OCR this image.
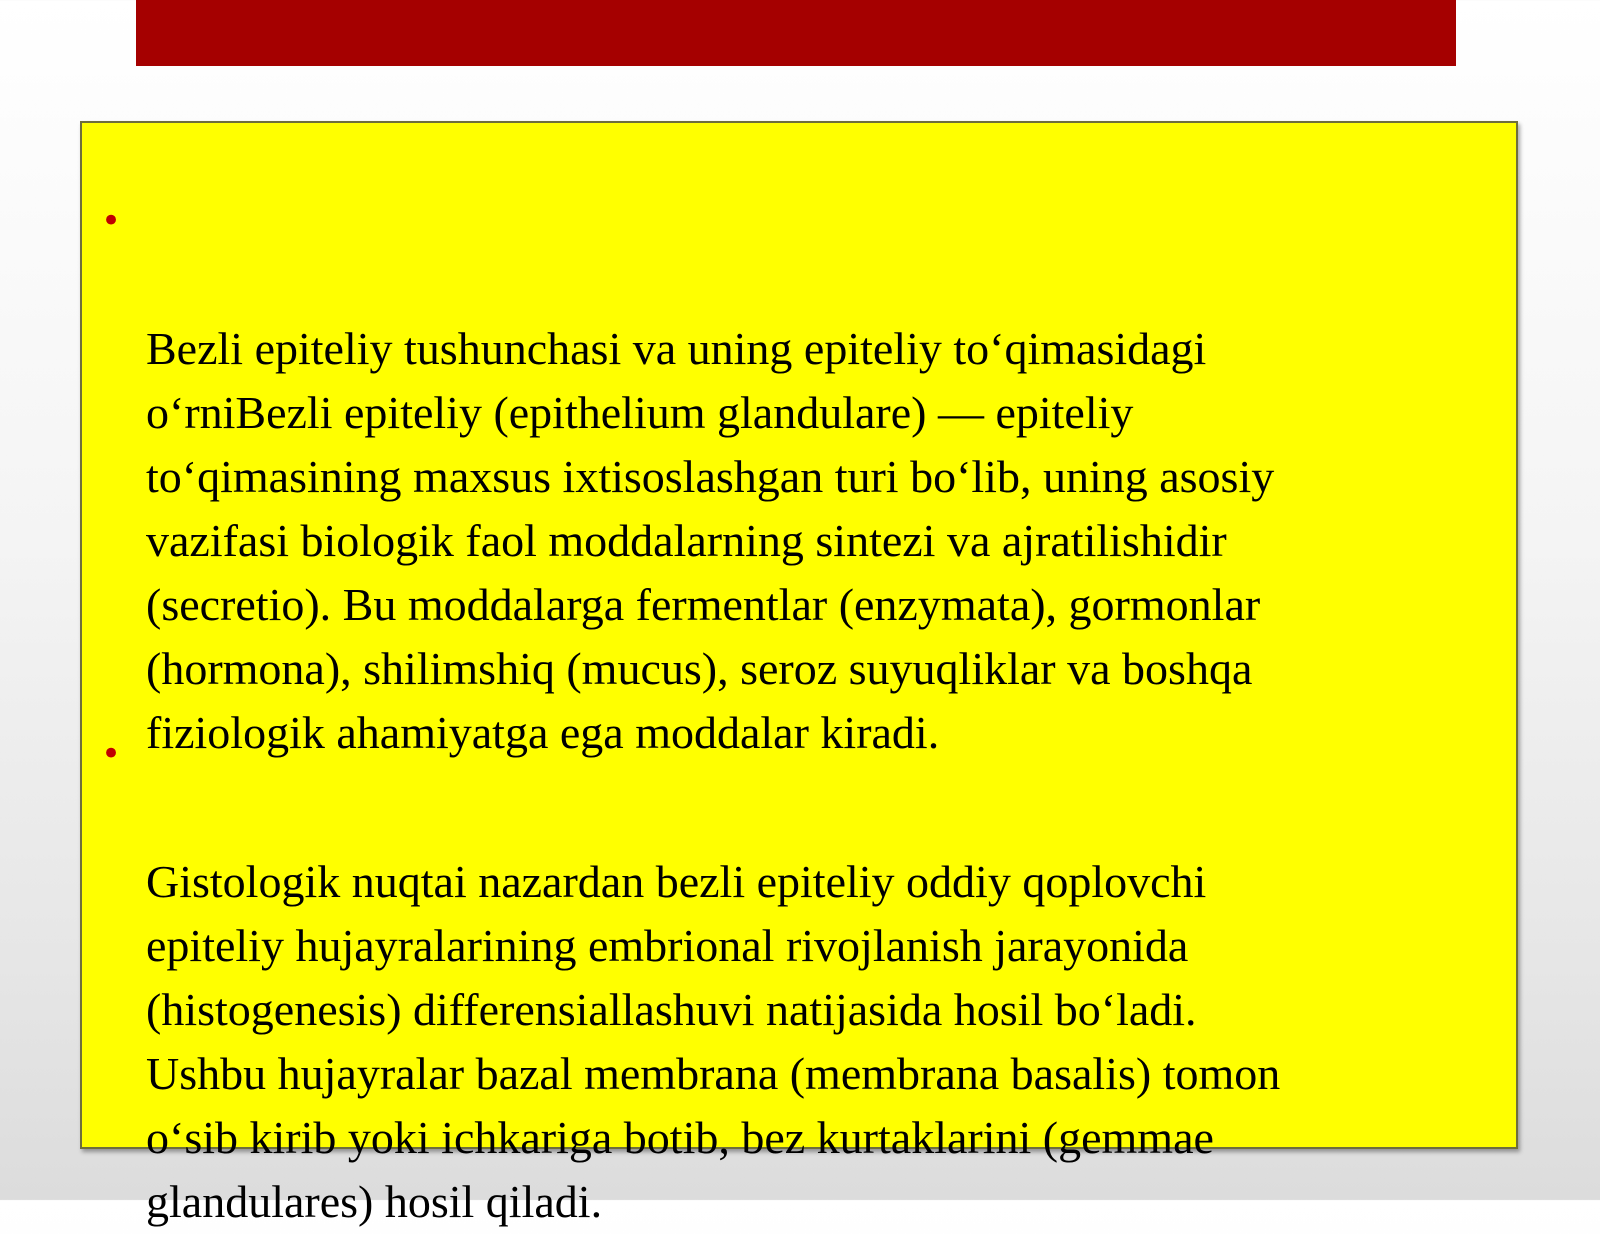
•

Bezli epiteliy tushunchasi va uning epiteliy to‘qimasidagi
o‘rniBezli epiteliy (epithelium glandulare) — epiteliy
to‘qimasining maxsus ixtisoslashgan turi bo‘lib, uning asosiy
vazifasi biologik faol moddalarning sintezi va ajratilishidir
(secretio). Bu moddalarga fermentlar (enzymata), gormonlar
(hormona), shilimshiq (mucus), seroz suyuqliklar va boshqa
fiziologik ahamiyatga ega moddalar kiradi.

•

Gistologik nuqtai nazardan bezli epiteliy oddiy qoplovchi
epiteliy hujayralarining embrional rivojlanish jarayonida
(histogenesis) differensiallashuvi natijasida hosil bo‘ladi.
Ushbu hujayralar bazal membrana (membrana basalis) tomon
o‘sib kirib yoki ichkariga botib, bez kurtaklarini (gemmae
glandulares) hosil qiladi.
